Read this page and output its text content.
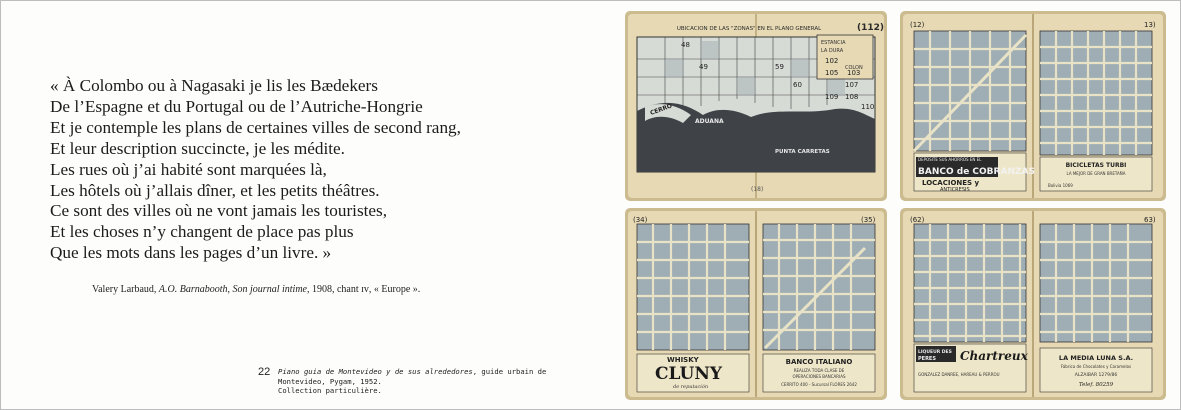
« À Colombo ou à Nagasaki je lis les Bædekers
De l’Espagne et du Portugal ou de l’Autriche-Hongrie
Et je contemple les plans de certaines villes de second rang,
Et leur description succincte, je les médite.
Les rues où j’ai habité sont marquées là,
Les hôtels où j’allais dîner, et les petits théâtres.
Ce sont des villes où ne vont jamais les touristes,
Et les choses n’y changent de place pas plus
Que les mots dans les pages d’un livre. »
Valery Larbaud, A.O. Barnabooth, Son journal intime, 1908, chant ɪᴠ, « Europe ».
22 Piano guia de Montevideo y de sus alrededores, guide urbain de Montevideo, Pygam, 1952.
Collection particulière.
UBICACION DE LAS "ZONAS" EN EL PLANO GENERAL	(112)
ESTANCIA
LA DURA
COLON
48
49	59
60
102
105
107
108
109
110
103
CERRO
ADUANA
PUNTA CARRETAS
(18)
DEPOSITE SUS AHORROS EN EL
BANCO de COBRANZAS
LOCACIONES y
ANTICRESIS
BICICLETAS TURBI
LA MEJOR DE GRAN BRETAÑA
Bolivia 1069
(12)	13)
WHISKY
CLUNY
de reputación
BANCO ITALIANO
REALIZA TODA CLASE DE
OPERACIONES BANCARIAS
CERRITO 400 - Sucursal FLORES 2642
(34)	(35)
LIQUEUR DES
PERES Chartreux
GONZALEZ DANREE, HAREAU & PERROU
LA MEDIA LUNA S.A.
Fábrica de Chocolates y Caramelos
ALZAIBAR 1279/86
Telef. 80259
(62)	63)
